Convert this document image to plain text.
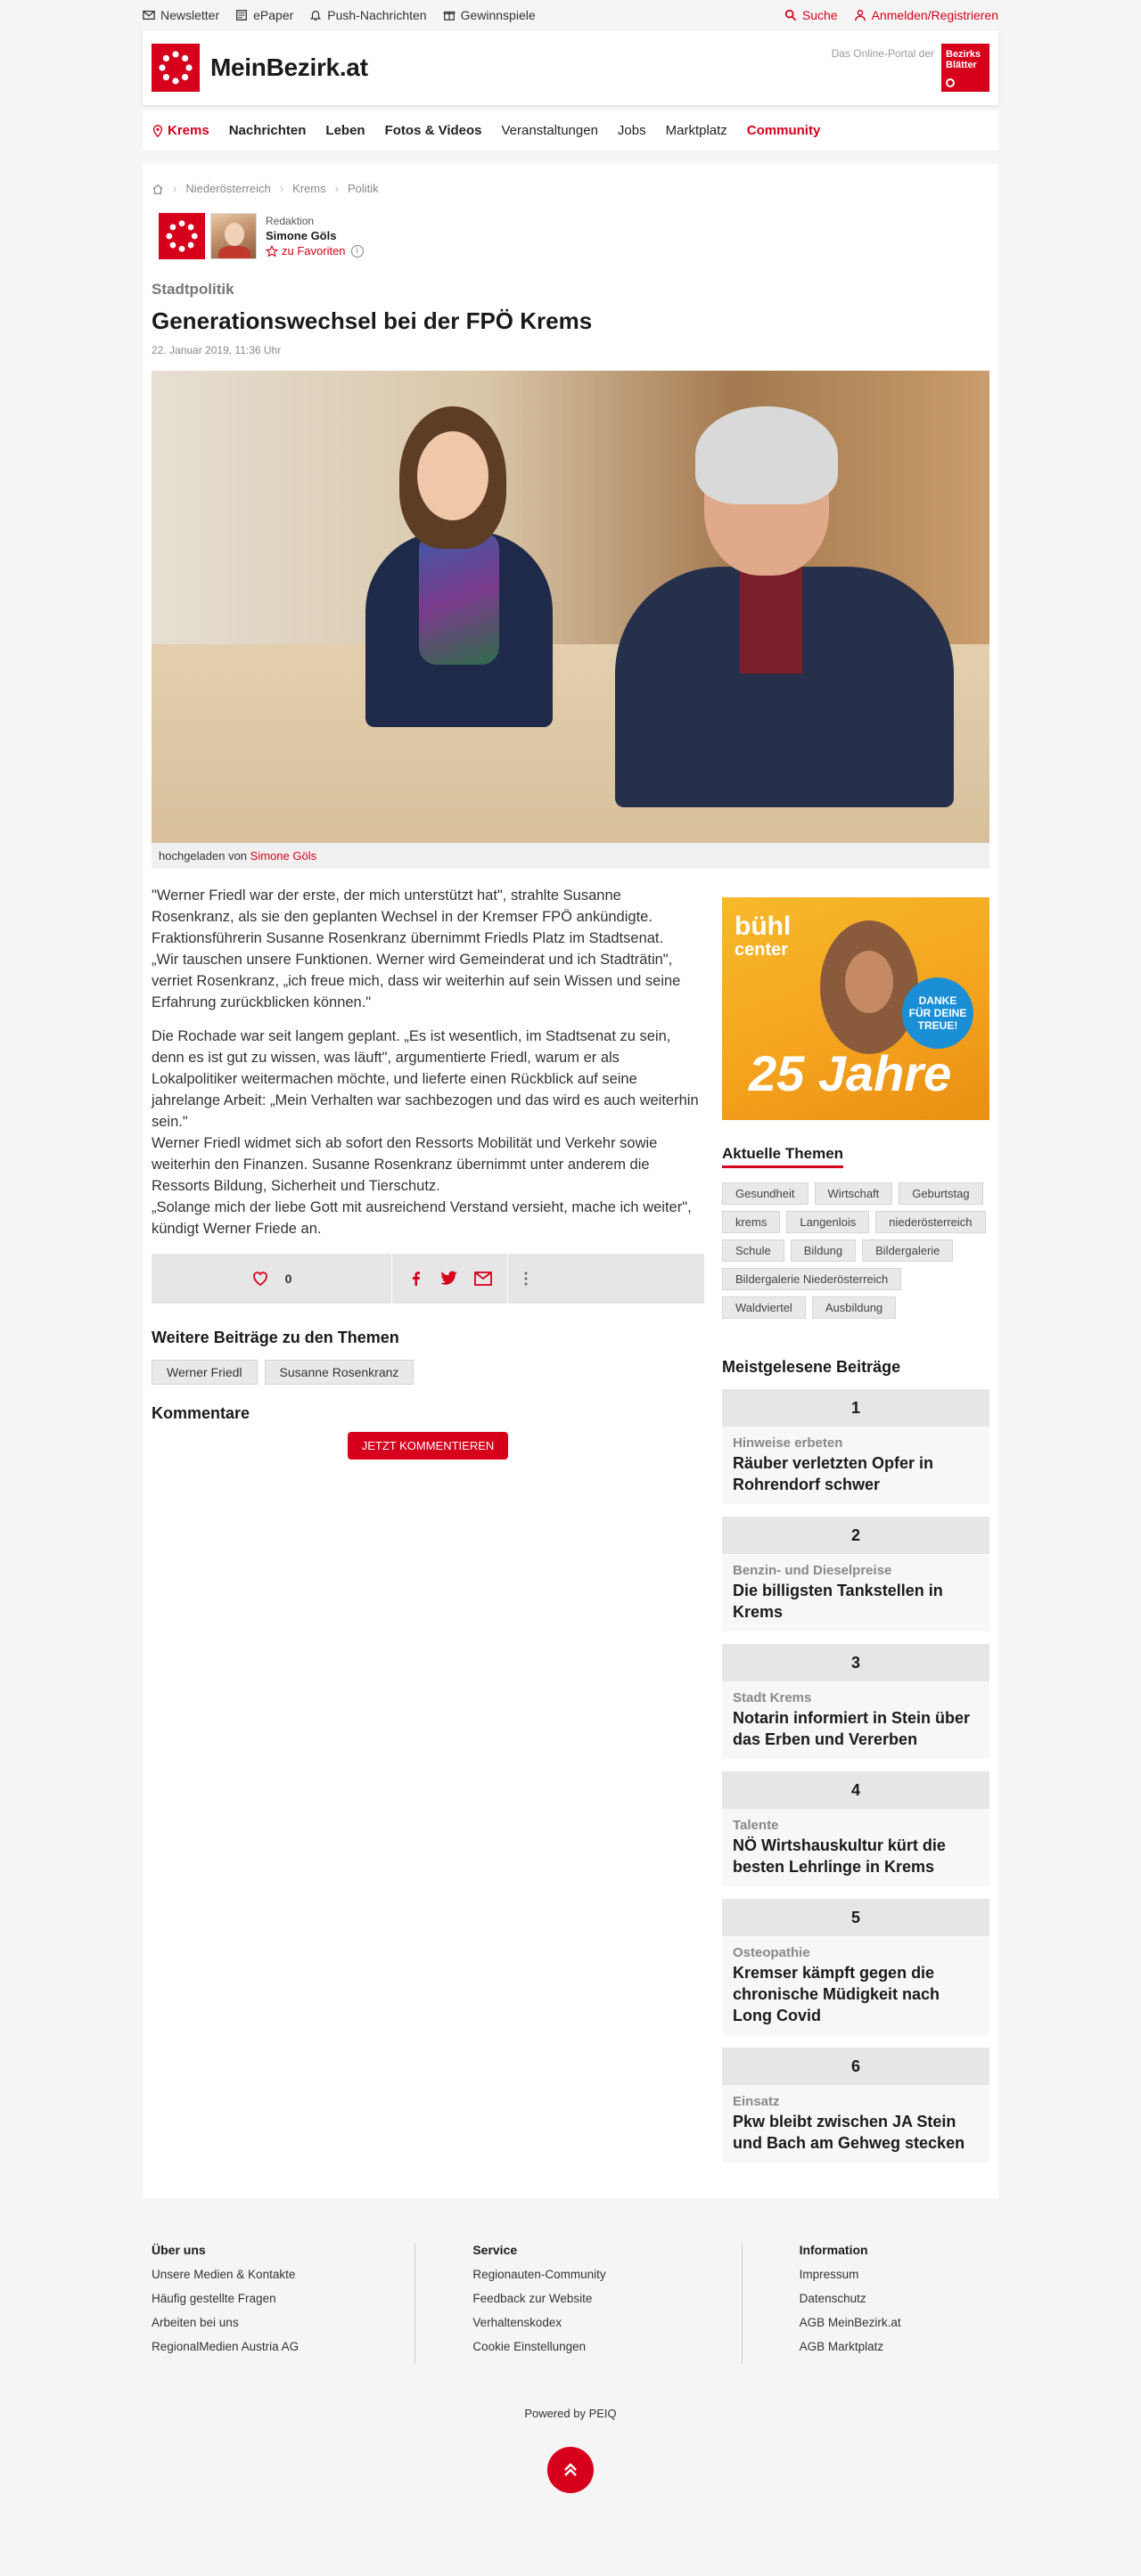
Newsletter	ePaper	Push-Nachrichten	Gewinnspiele	Suche	Anmelden/Registrieren
MeinBezirk.at	Das Online-Portal der	Bezirks Blätter
Krems Nachrichten Leben Fotos & Videos Veranstaltungen Jobs Marktplatz Community
› Niederösterreich › Krems › Politik
Redaktion
Simone Göls
zu Favoriten	i
Stadtpolitik
Generationswechsel bei der FPÖ Krems
22. Januar 2019, 11:36 Uhr
hochgeladen von Simone Göls

"Werner Friedl war der erste, der mich unterstützt hat", strahlte Susanne Rosenkranz, als sie den geplanten Wechsel in der Kremser FPÖ ankündigte. Fraktionsführerin Susanne Rosenkranz übernimmt Friedls Platz im Stadtsenat.
„Wir tauschen unsere Funktionen. Werner wird Gemeinderat und ich Stadträtin", verriet Rosenkranz, „ich freue mich, dass wir weiterhin auf sein Wissen und seine Erfahrung zurückblicken können."

Die Rochade war seit langem geplant. „Es ist wesentlich, im Stadtsenat zu sein, denn es ist gut zu wissen, was läuft", argumentierte Friedl, warum er als Lokalpolitiker weitermachen möchte, und lieferte einen Rückblick auf seine jahrelange Arbeit: „Mein Verhalten war sachbezogen und das wird es auch weiterhin sein."
Werner Friedl widmet sich ab sofort den Ressorts Mobilität und Verkehr sowie weiterhin den Finanzen. Susanne Rosenkranz übernimmt unter anderem die Ressorts Bildung, Sicherheit und Tierschutz.
„Solange mich der liebe Gott mit ausreichend Verstand versieht, mache ich weiter", kündigt Werner Friede an.

0
Weitere Beiträge zu den Themen
Werner Friedl	Susanne Rosenkranz
Kommentare
JETZT KOMMENTIEREN
bühl
center
DANKE
FÜR DEINE
TREUE!
25 Jahre
Aktuelle Themen
Gesundheit	Wirtschaft	Geburtstag
krems	Langenlois	niederösterreich
Schule	Bildung	Bildergalerie
Bildergalerie Niederösterreich
Waldviertel	Ausbildung
Meistgelesene Beiträge
1
Hinweise erbeten
Räuber verletzten Opfer in Rohrendorf schwer
2
Benzin- und Dieselpreise
Die billigsten Tankstellen in Krems
3
Stadt Krems
Notarin informiert in Stein über das Erben und Vererben
4
Talente
NÖ Wirtshauskultur kürt die besten Lehrlinge in Krems
5
Osteopathie
Kremser kämpft gegen die chronische Müdigkeit nach Long Covid
6
Einsatz
Pkw bleibt zwischen JA Stein und Bach am Gehweg stecken
Über uns
Unsere Medien & Kontakte
Häufig gestellte Fragen
Arbeiten bei uns
RegionalMedien Austria AG
Service
Regionauten-Community
Feedback zur Website
Verhaltenskodex
Cookie Einstellungen
Information
Impressum
Datenschutz
AGB MeinBezirk.at
AGB Marktplatz
Powered by PEIQ
